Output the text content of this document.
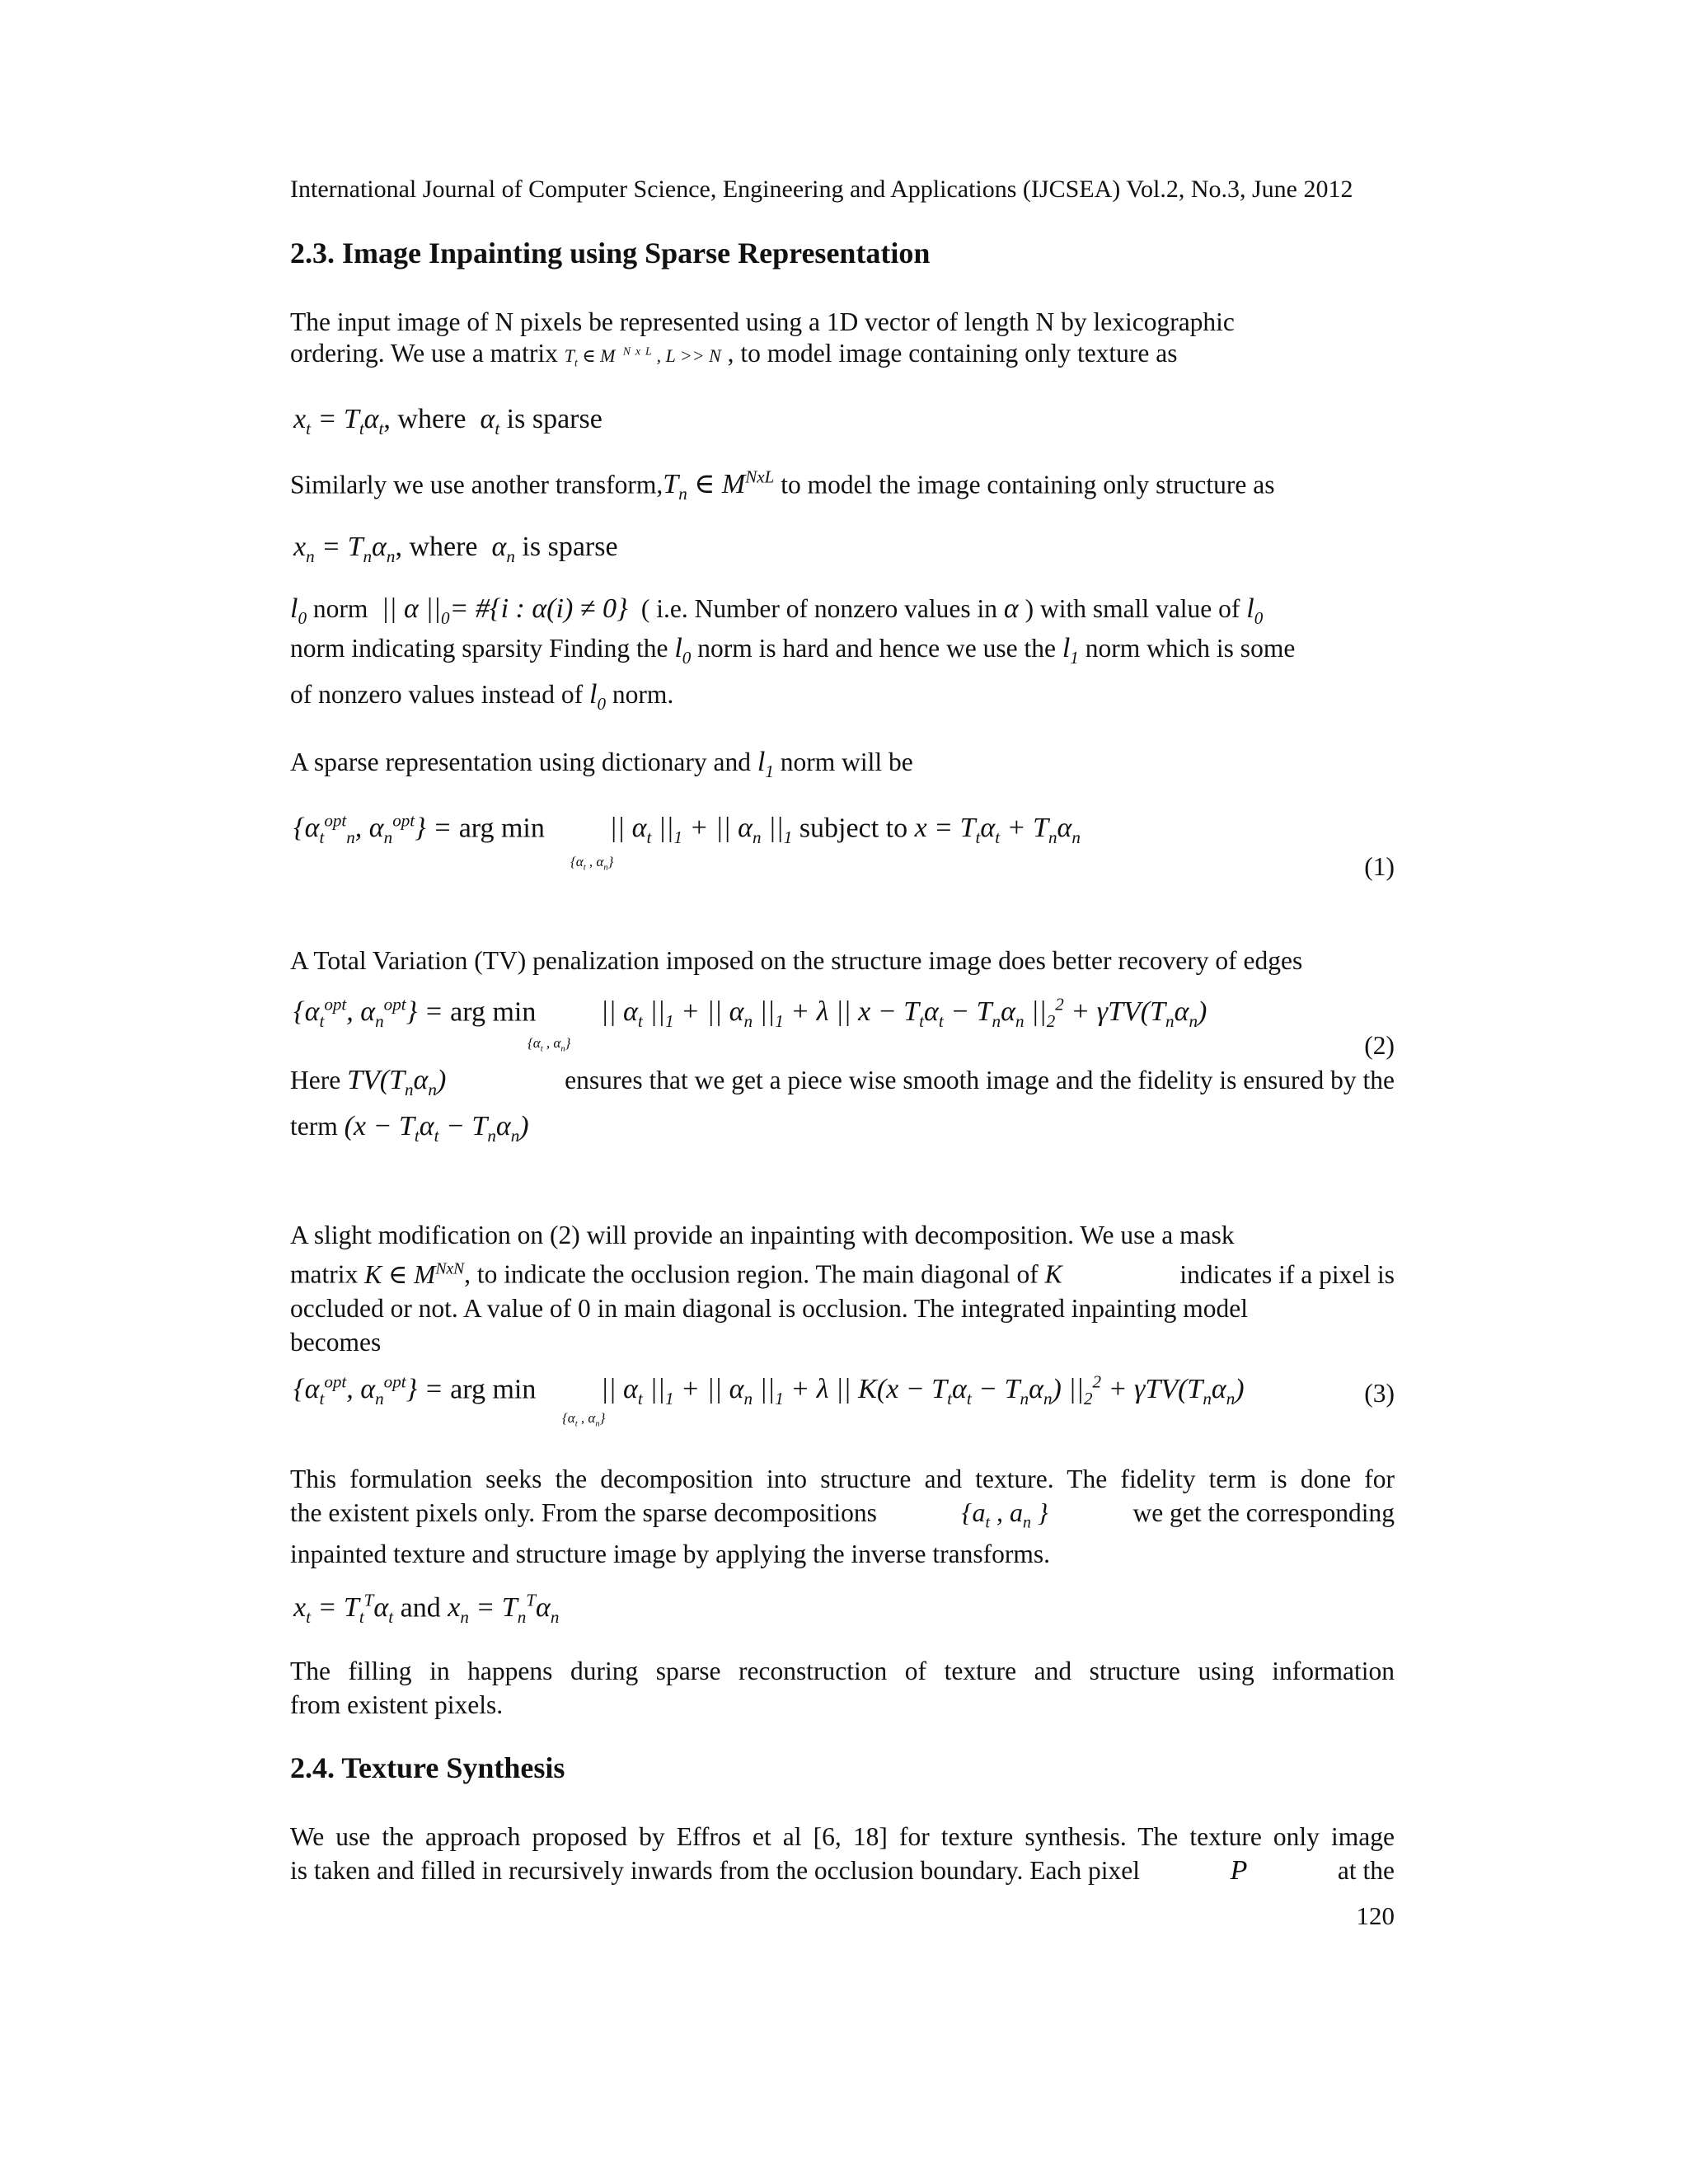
International Journal of Computer Science, Engineering and Applications (IJCSEA) Vol.2, No.3, June 2012
2.3. Image Inpainting using Sparse Representation
The input image of N pixels be represented using a 1D vector of length N by lexicographic
ordering. We use a matrix $T_t$ ∈ M $^{NxL}$, L >> N , to model image containing only texture as
$x_t = T_t\alpha_t$, where  $\alpha_t$ is sparse
Similarly we use another $transform,T_n$ ∈ $M^{NxL}$ to model the image containing only structure as
$x_n = T_n\alpha_n$, where  $\alpha_n$ is sparse
$l_0$ norm  || α $||_0=$ #{i : α(i) ≠ 0}  ( i.e. Number of nonzero values in α ) with small value of $l_0$
norm indicating sparsity Finding the $l_0$ norm is hard and hence we use the $l_1$ norm which is some
of nonzero values instead of $l_0$ norm.
A sparse representation using dictionary and $l_1$ norm will be
{$\alpha_t^{opt}_n$, $\alpha_n^{opt}$} = arg min || $\alpha_t$ $||_1$ + || $\alpha_n$ $||_1$ subject to $x = T_t\alpha_t + T_n\alpha_n$
{$\alpha_t$ , $\alpha_n$}	(1)
A Total Variation (TV) penalization imposed on the structure image does better recovery of edges
{$\alpha_t^{opt}$, $\alpha_n^{opt}$} = arg min || $\alpha_t$ $||_1$ + || $\alpha_n$ $||_1 + \lambda$ || $x - T_t\alpha_t - T_n\alpha_n$ $||_2^2 + \gamma TV(T_n\alpha_n)$
{$\alpha_t$ , $\alpha_n$}	(2)
Here $TV(T_n\alpha_n)$	ensures that we get a piece wise smooth image and the fidelity is ensured by the
term $(x - T_t\alpha_t - T_n\alpha_n)$
A slight modification on (2) will provide an inpainting with decomposition. We use a mask
matrix K ∈ $M^{NxN}$, to indicate the occlusion region. The main diagonal of K	indicates if a pixel is
occluded or not. A value of 0 in main diagonal is occlusion. The integrated inpainting model
becomes
{$\alpha_t^{opt}$, $\alpha_n^{opt}$} = arg min || $\alpha_t$ $||_1$ + || $\alpha_n$ $||_1 + \lambda$ || $K(x - T_t\alpha_t - T_n\alpha_n)$ $||_2^2 + \gamma TV(T_n\alpha_n)$
{$\alpha_t$ , $\alpha_n$}
(3)
This formulation seeks the decomposition into structure and texture. The fidelity term is done for
the existent pixels only. From the sparse decompositions	{$a_t$ , $a_n$ }	we get the corresponding
inpainted texture and structure image by applying the inverse transforms.
$x_t = T_t^T\alpha_t$ and $x_n = T_n^T\alpha_n$
The filling in happens during sparse reconstruction of texture and structure using information
from existent pixels.
2.4. Texture Synthesis
We use the approach proposed by Effros et al [6, 18] for texture synthesis. The texture only image
is taken and filled in recursively inwards from the occlusion boundary. Each pixel	P	at the
120
